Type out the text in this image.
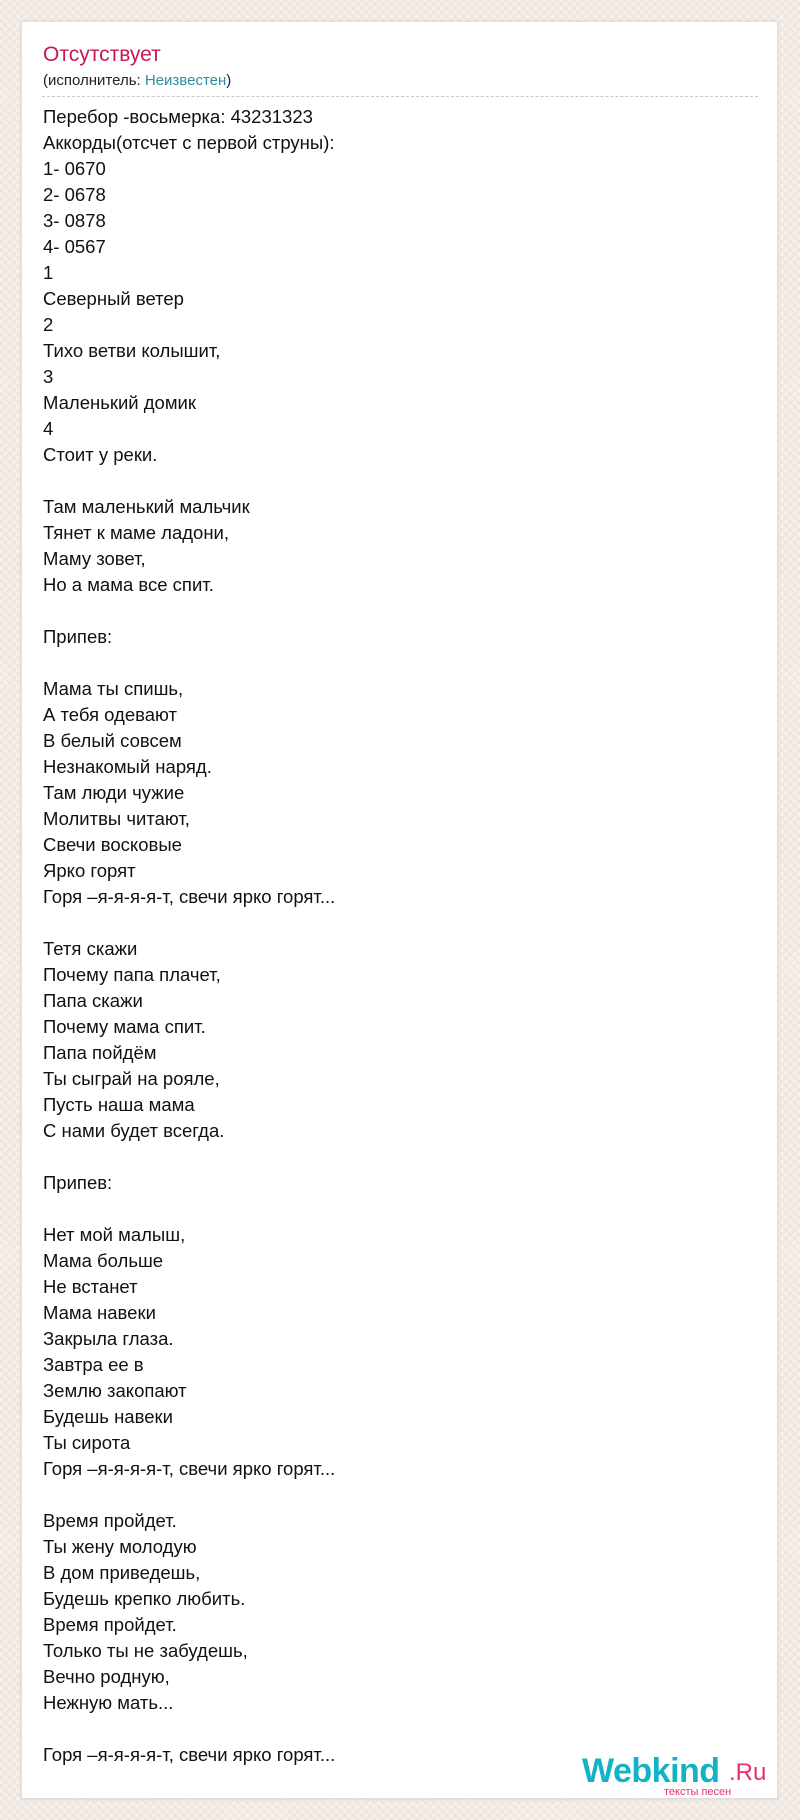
Отсутствует
(исполнитель: Неизвестен)
Перебор -восьмерка: 43231323
Аккорды(отсчет с первой струны):
1- 0670
2- 0678
3- 0878
4- 0567
1
Северный ветер
2
Тихо ветви колышит,
3
Маленький домик
4
Стоит у реки.

Там маленький мальчик
Тянет к маме ладони,
Маму зовет,
Но а мама все спит.

Припев:

Мама ты спишь,
А тебя одевают
В белый совсем
Незнакомый наряд.
Там люди чужие
Молитвы читают,
Свечи восковые
Ярко горят
Горя –я-я-я-я-т, свечи ярко горят...

Тетя скажи
Почему папа плачет,
Папа скажи
Почему мама спит.
Папа пойдём
Ты сыграй на рояле,
Пусть наша мама
С нами будет всегда.

Припев:

Нет мой малыш,
Мама больше
Не встанет
Мама навеки
Закрыла глаза.
Завтра ее в
Землю закопают
Будешь навеки
Ты сирота
Горя –я-я-я-я-т, свечи ярко горят...

Время пройдет.
Ты жену молодую
В дом приведешь,
Будешь крепко любить.
Время пройдет.
Только ты не забудешь,
Вечно родную,
Нежную мать...

Горя –я-я-я-я-т, свечи ярко горят...	Webkind .Ru
тексты песен
